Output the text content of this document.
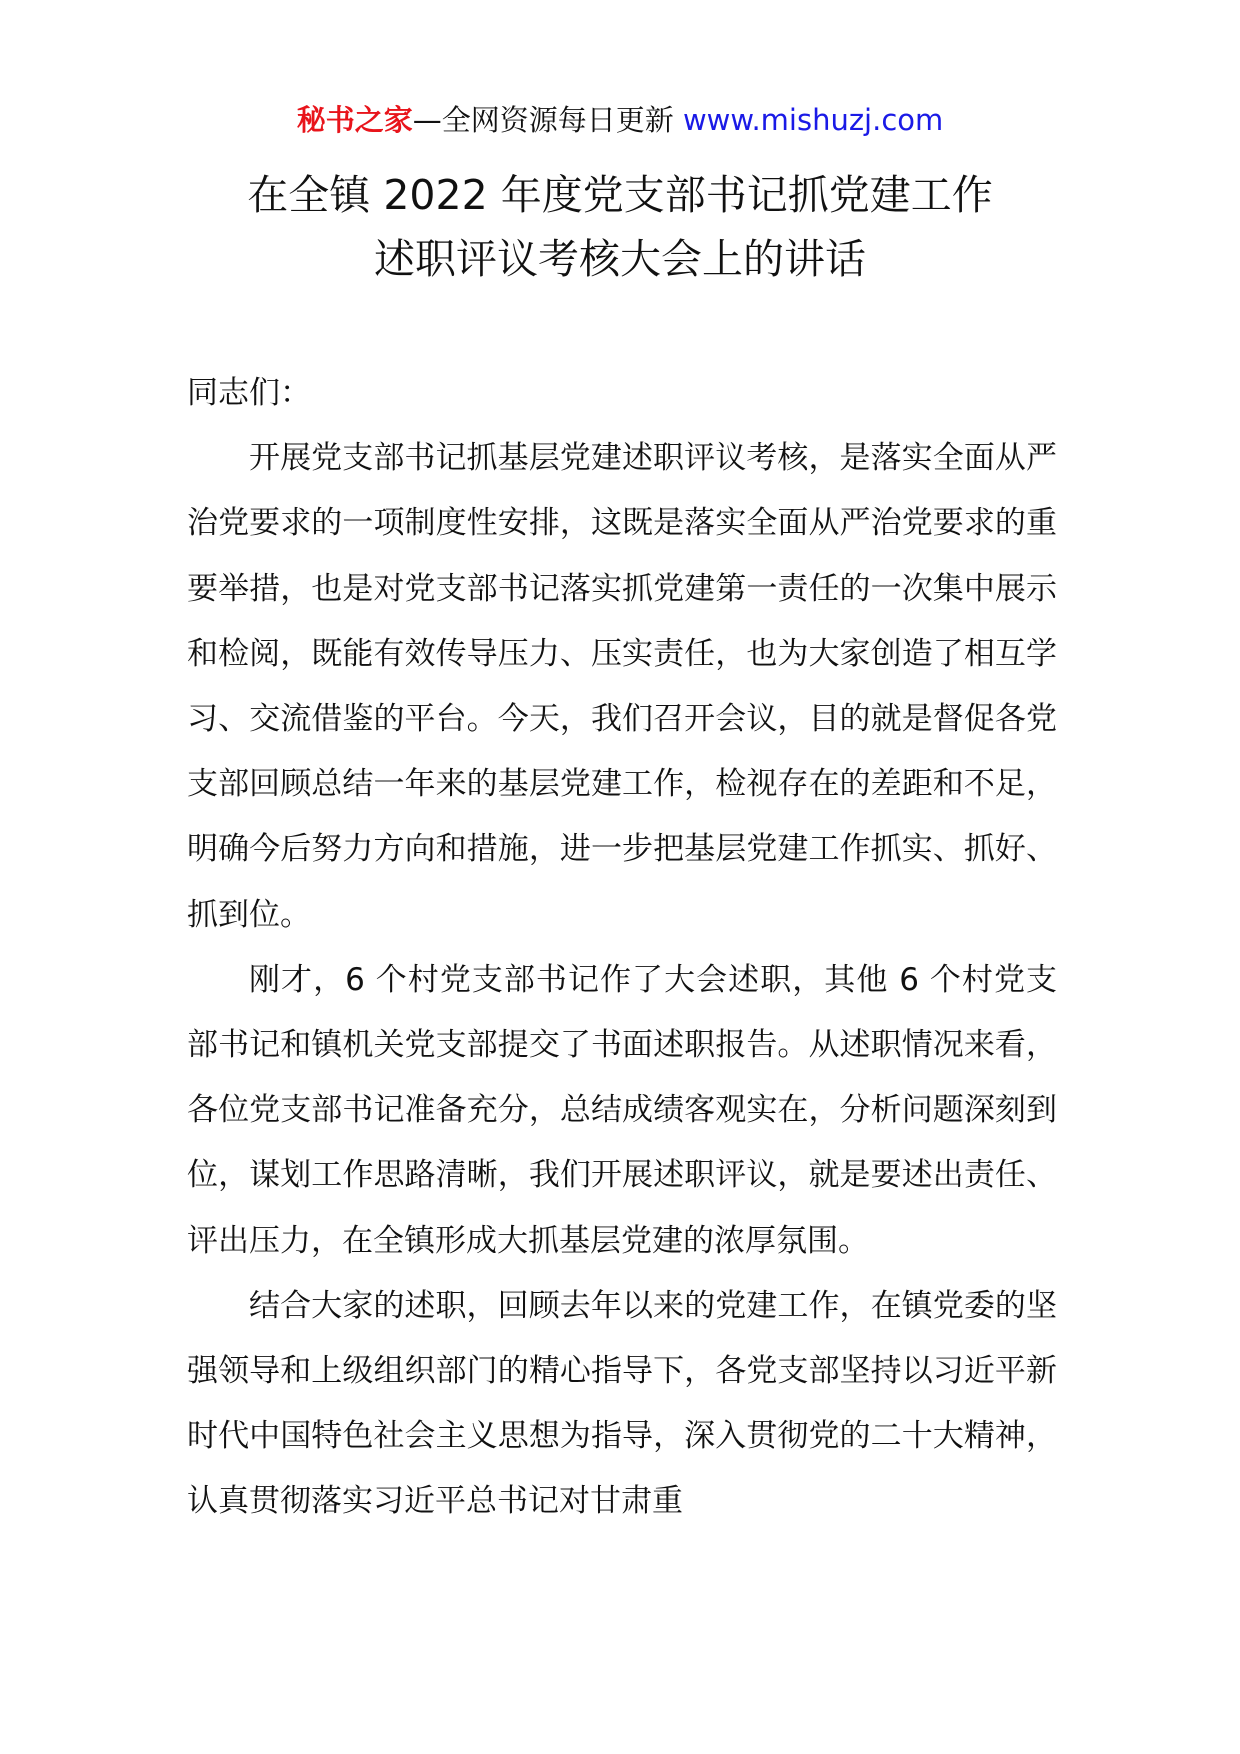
秘书之家—全网资源每日更新 www.mishuzj.com
在全镇 2022 年度党支部书记抓党建工作
述职评议考核大会上的讲话

同志们：

开展党支部书记抓基层党建述职评议考核，是落实全面从严治党要求的一项制度性安排，这既是落实全面从严治党要求的重要举措，也是对党支部书记落实抓党建第一责任的一次集中展示和检阅，既能有效传导压力、压实责任，也为大家创造了相互学习、交流借鉴的平台。今天，我们召开会议，目的就是督促各党支部回顾总结一年来的基层党建工作，检视存在的差距和不足，明确今后努力方向和措施，进一步把基层党建工作抓实、抓好、抓到位。

刚才，6 个村党支部书记作了大会述职，其他 6 个村党支部书记和镇机关党支部提交了书面述职报告。从述职情况来看，各位党支部书记准备充分，总结成绩客观实在，分析问题深刻到位，谋划工作思路清晰，我们开展述职评议，就是要述出责任、评出压力，在全镇形成大抓基层党建的浓厚氛围。

结合大家的述职，回顾去年以来的党建工作，在镇党委的坚强领导和上级组织部门的精心指导下，各党支部坚持以习近平新时代中国特色社会主义思想为指导，深入贯彻党的二十大精神，认真贯彻落实习近平总书记对甘肃重
